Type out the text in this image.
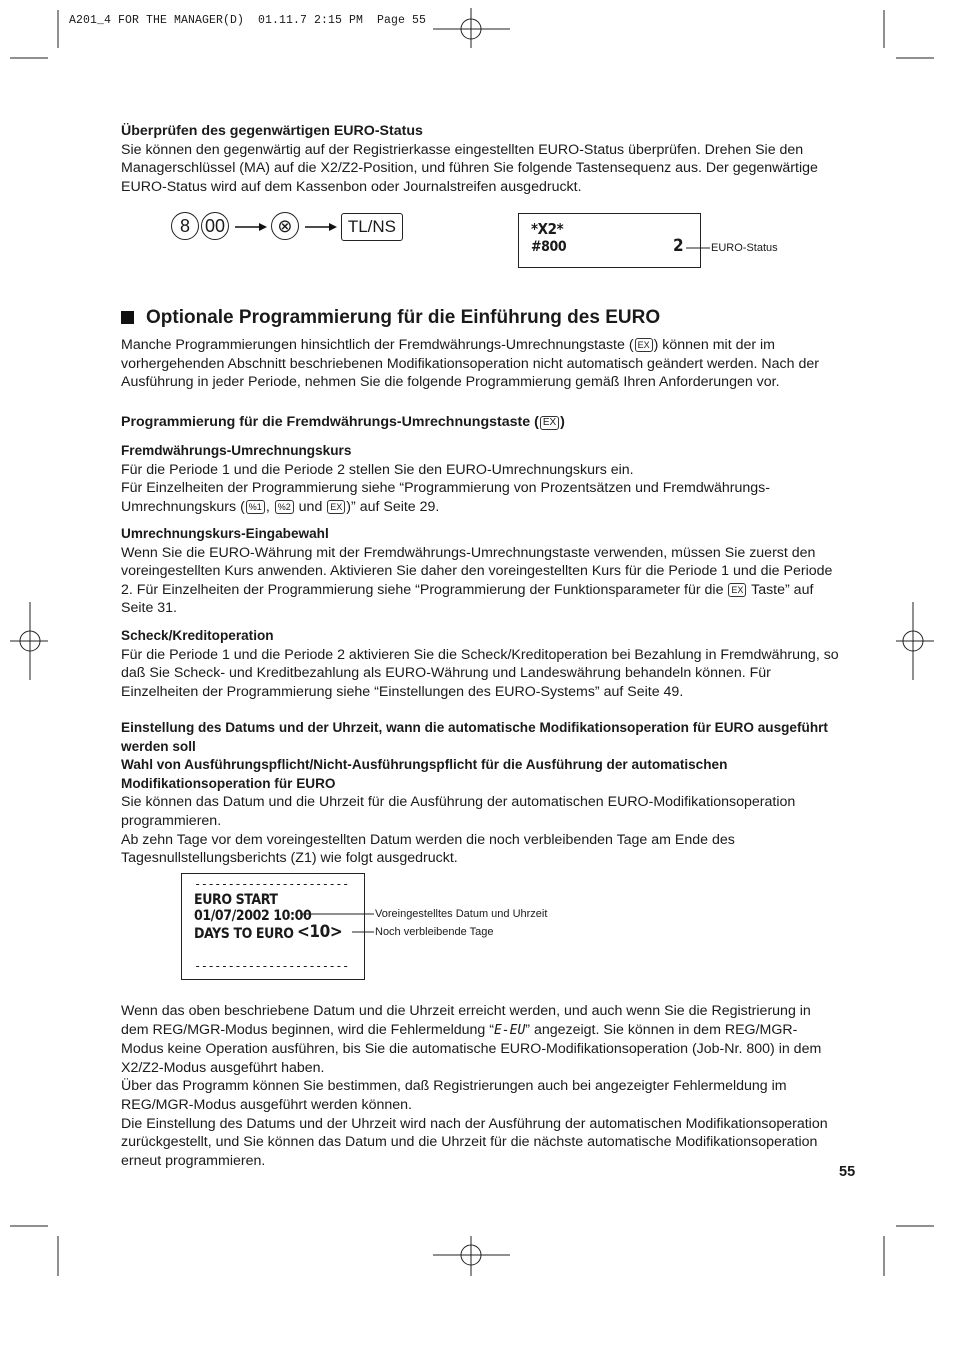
A201_4 FOR THE MANAGER(D)  01.11.7 2:15 PM  Page 55
Überprüfen des gegenwärtigen EURO-Status

Sie können den gegenwärtig auf der Registrierkasse eingestellten EURO-Status überprüfen. Drehen Sie den Managerschlüssel (MA) auf die X2/Z2-Position, und führen Sie folgende Tastensequenz aus. Der gegenwärtige EURO-Status wird auf dem Kassenbon oder Journalstreifen ausgedruckt.

8 00	⊗	TL/NS	*X2*
#800	2	EURO-Status
Optionale Programmierung für die Einführung des EURO

Manche Programmierungen hinsichtlich der Fremdwährungs-Umrechnungstaste ( EX ) können mit der im vorhergehenden Abschnitt beschriebenen Modifikationsoperation nicht automatisch geändert werden. Nach der Ausführung in jeder Periode, nehmen Sie die folgende Programmierung gemäß Ihren Anforderungen vor.

Programmierung für die Fremdwährungs-Umrechnungstaste ( EX )
Fremdwährungs-Umrechnungskurs
Für die Periode 1 und die Periode 2 stellen Sie den EURO-Umrechnungskurs ein.
Für Einzelheiten der Programmierung siehe “Programmierung von Prozentsätzen und Fremdwährungs-
Umrechnungskurs ( %1 , %2 und EX )” auf Seite 29.
Umrechnungskurs-Eingabewahl

Wenn Sie die EURO-Währung mit der Fremdwährungs-Umrechnungstaste verwenden, müssen Sie zuerst den voreingestellten Kurs anwenden. Aktivieren Sie daher den voreingestellten Kurs für die Periode 1 und die Periode 2. Für Einzelheiten der Programmierung siehe “Programmierung der Funktionsparameter für die EX Taste” auf Seite 31.

Scheck/Kreditoperation

Für die Periode 1 und die Periode 2 aktivieren Sie die Scheck/Kreditoperation bei Bezahlung in Fremdwährung, so daß Sie Scheck- und Kreditbezahlung als EURO-Währung und Landeswährung behandeln können. Für Einzelheiten der Programmierung siehe “Einstellungen des EURO-Systems” auf Seite 49.

Einstellung des Datums und der Uhrzeit, wann die automatische Modifikationsoperation für EURO ausgeführt werden soll
Wahl von Ausführungspflicht/Nicht-Ausführungspflicht für die Ausführung der automatischen Modifikationsoperation für EURO

Sie können das Datum und die Uhrzeit für die Ausführung der automatischen EURO-Modifikationsoperation programmieren.

Ab zehn Tage vor dem voreingestellten Datum werden die noch verbleibenden Tage am Ende des Tagesnullstellungsberichts (Z1) wie folgt ausgedruckt.

-----------------------
EURO START
01/07/2002 10:00
DAYS TO EURO <10>
-----------------------
Voreingestelltes Datum und Uhrzeit
Noch verbleibende Tage

Wenn das oben beschriebene Datum und die Uhrzeit erreicht werden, und auch wenn Sie die Registrierung in dem REG/MGR-Modus beginnen, wird die Fehlermeldung “E-EU” angezeigt. Sie können in dem REG/MGR-Modus keine Operation ausführen, bis Sie die automatische EURO-Modifikationsoperation (Job-Nr. 800) in dem X2/Z2-Modus ausgeführt haben.

Über das Programm können Sie bestimmen, daß Registrierungen auch bei angezeigter Fehlermeldung im REG/MGR-Modus ausgeführt werden können.

Die Einstellung des Datums und der Uhrzeit wird nach der Ausführung der automatischen Modifikationsoperation zurückgestellt, und Sie können das Datum und die Uhrzeit für die nächste automatische Modifikationsoperation erneut programmieren.

55
